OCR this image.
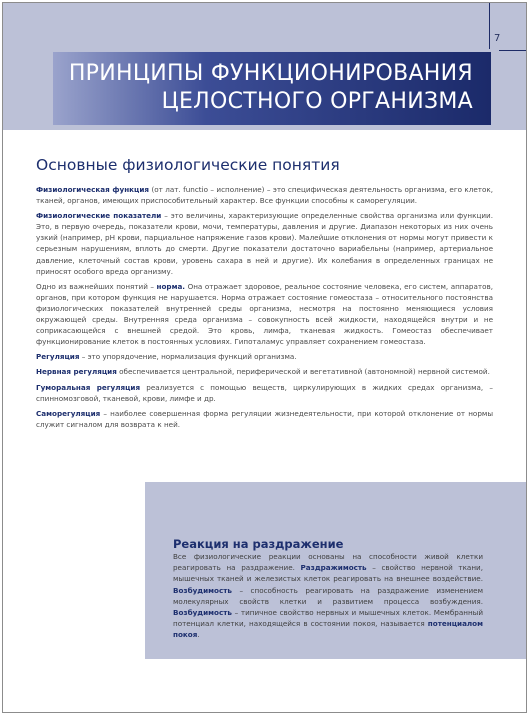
7
ПРИНЦИПЫ ФУНКЦИОНИРОВАНИЯ
ЦЕЛОСТНОГО ОРГАНИЗМА
Основные физиологические понятия

Физиологическая функция (от лат. functio – исполнение) – это специфическая деятельность организма, его клеток, тканей, органов, имеющих приспособительный характер. Все функции способны к саморегуляции.

Физиологические показатели – это величины, характеризующие определенные свойства организма или функции. Это, в первую очередь, показатели крови, мочи, температуры, давления и другие. Диапазон некоторых из них очень узкий (например, рН крови, парциальное напряжение газов крови). Малейшие отклонения от нормы могут привести к серьезным нарушениям, вплоть до смерти. Другие показатели достаточно вариабельны (например, артериальное давление, клеточный состав крови, уровень сахара в ней и другие). Их колебания в определенных границах не приносят особого вреда организму.

Одно из важнейших понятий – норма. Она отражает здоровое, реальное состояние человека, его систем, аппаратов, органов, при котором функция не нарушается. Норма отражает состояние гомеостаза – относительного постоянства физиологических показателей внутренней среды организма, несмотря на постоянно меняющиеся условия окружающей среды. Внутренняя среда организма – совокупность всей жидкости, находящейся внутри и не соприкасающейся с внешней средой. Это кровь, лимфа, тканевая жидкость. Гомеостаз обеспечивает функционирование клеток в постоянных условиях. Гипоталамус управляет сохранением гомеостаза.

Регуляция – это упорядочение, нормализация функций организма.

Нервная регуляция обеспечивается центральной, периферической и вегетативной (автономной) нервной системой.

Гуморальная регуляция реализуется с помощью веществ, циркулирующих в жидких средах организма, – спинномозговой, тканевой, крови, лимфе и др.

Саморегуляция – наиболее совершенная форма регуляции жизнедеятельности, при которой отклонение от нормы служит сигналом для возврата к ней.

Реакция на раздражение
Все физиологические реакции основаны на способности живой клетки реагировать на раздражение. Раздражимость – свойство нервной ткани, мышечных тканей и железистых клеток реагировать на внешнее воздействие. Возбудимость – способность реагировать на раздражение изменением молекулярных свойств клетки и развитием процесса возбуждения. Возбудимость – типичное свойство нервных и мышечных клеток. Мембранный потенциал клетки, находящейся в состоянии покоя, называется потенциалом покоя.
